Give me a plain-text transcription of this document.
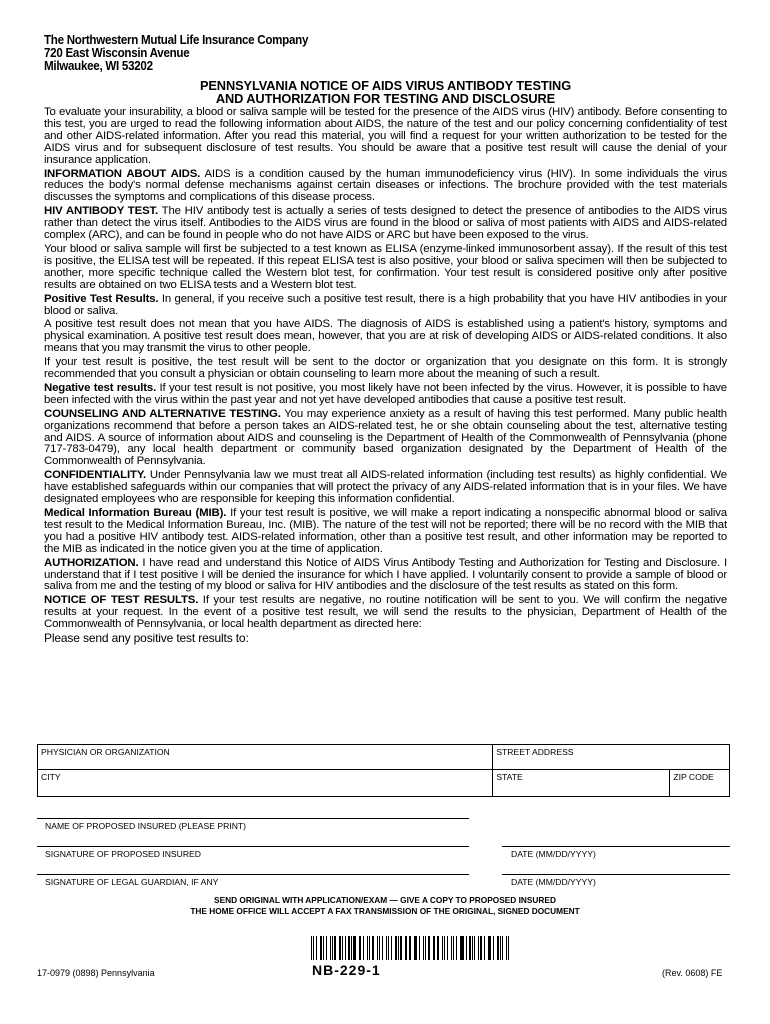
The Northwestern Mutual Life Insurance Company
720 East Wisconsin Avenue
Milwaukee, WI 53202
PENNSYLVANIA NOTICE OF AIDS VIRUS ANTIBODY TESTING
AND AUTHORIZATION FOR TESTING AND DISCLOSURE

To evaluate your insurability, a blood or saliva sample will be tested for the presence of the AIDS virus (HIV) antibody. Before consenting to this test, you are urged to read the following information about AIDS, the nature of the test and our policy concerning confidentiality of test and other AIDS-related information. After you read this material, you will find a request for your written authorization to be tested for the AIDS virus and for subsequent disclosure of test results. You should be aware that a positive test result will cause the denial of your insurance application.

INFORMATION ABOUT AIDS. AIDS is a condition caused by the human immunodeficiency virus (HIV). In some individuals the virus reduces the body's normal defense mechanisms against certain diseases or infections. The brochure provided with the test materials discusses the symptoms and complications of this disease process.

HIV ANTIBODY TEST. The HIV antibody test is actually a series of tests designed to detect the presence of antibodies to the AIDS virus rather than detect the virus itself. Antibodies to the AIDS virus are found in the blood or saliva of most patients with AIDS and AIDS-related complex (ARC), and can be found in people who do not have AIDS or ARC but have been exposed to the virus.

Your blood or saliva sample will first be subjected to a test known as ELISA (enzyme-linked immunosorbent assay). If the result of this test is positive, the ELISA test will be repeated. If this repeat ELISA test is also positive, your blood or saliva specimen will then be subjected to another, more specific technique called the Western blot test, for confirmation. Your test result is considered positive only after positive results are obtained on two ELISA tests and a Western blot test.

Positive Test Results. In general, if you receive such a positive test result, there is a high probability that you have HIV antibodies in your blood or saliva.

A positive test result does not mean that you have AIDS. The diagnosis of AIDS is established using a patient's history, symptoms and physical examination. A positive test result does mean, however, that you are at risk of developing AIDS or AIDS-related conditions. It also means that you may transmit the virus to other people.

If your test result is positive, the test result will be sent to the doctor or organization that you designate on this form. It is strongly recommended that you consult a physician or obtain counseling to learn more about the meaning of such a result.

Negative test results. If your test result is not positive, you most likely have not been infected by the virus. However, it is possible to have been infected with the virus within the past year and not yet have developed antibodies that cause a positive test result.

COUNSELING AND ALTERNATIVE TESTING. You may experience anxiety as a result of having this test performed. Many public health organizations recommend that before a person takes an AIDS-related test, he or she obtain counseling about the test, alternative testing and AIDS. A source of information about AIDS and counseling is the Department of Health of the Commonwealth of Pennsylvania (phone 717-783-0479), any local health department or community based organization designated by the Department of Health of the Commonwealth of Pennsylvania.

CONFIDENTIALITY. Under Pennsylvania law we must treat all AIDS-related information (including test results) as highly confidential. We have established safeguards within our companies that will protect the privacy of any AIDS-related information that is in your files. We have designated employees who are responsible for keeping this information confidential.

Medical Information Bureau (MIB). If your test result is positive, we will make a report indicating a nonspecific abnormal blood or saliva test result to the Medical Information Bureau, Inc. (MIB). The nature of the test will not be reported; there will be no record with the MIB that you had a positive HIV antibody test. AIDS-related information, other than a positive test result, and other information may be reported to the MIB as indicated in the notice given you at the time of application.

AUTHORIZATION. I have read and understand this Notice of AIDS Virus Antibody Testing and Authorization for Testing and Disclosure. I understand that if I test positive I will be denied the insurance for which I have applied. I voluntarily consent to provide a sample of blood or saliva from me and the testing of my blood or saliva for HIV antibodies and the disclosure of the test results as stated on this form.

NOTICE OF TEST RESULTS. If your test results are negative, no routine notification will be sent to you. We will confirm the negative results at your request. In the event of a positive test result, we will send the results to the physician, Department of Health of the Commonwealth of Pennsylvania, or local health department as directed here:

Please send any positive test results to:

PHYSICIAN OR ORGANIZATION	STREET ADDRESS	
CITY	STATE	ZIP CODE
NAME OF PROPOSED INSURED (PLEASE PRINT)
SIGNATURE OF PROPOSED INSURED	DATE (MM/DD/YYYY)
SIGNATURE OF LEGAL GUARDIAN, IF ANY	DATE (MM/DD/YYYY)
SEND ORIGINAL WITH APPLICATION/EXAM — GIVE A COPY TO PROPOSED INSURED
THE HOME OFFICE WILL ACCEPT A FAX TRANSMISSION OF THE ORIGINAL, SIGNED DOCUMENT
NB-229-1
17-0979 (0898) Pennsylvania	(Rev. 0608) FE
